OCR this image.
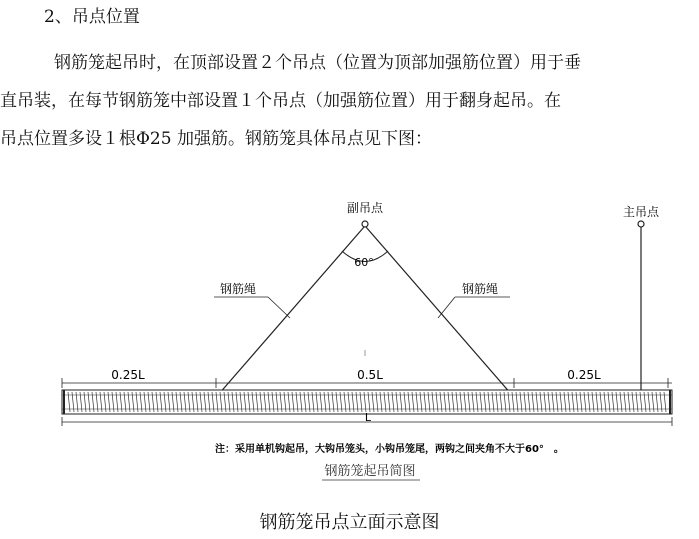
2、吊点位置
钢筋笼起吊时，在顶部设置２个吊点（位置为顶部加强筋位置）用于垂
直吊装，在每节钢筋笼中部设置１个吊点（加强筋位置）用于翻身起吊。在
吊点位置多设１根Φ25 加强筋。钢筋笼具体吊点见下图：
副吊点
60°
钢筋绳	钢筋绳
主吊点
0.25L	0.5L	0.25L
L
注：采用单机钩起吊，大钩吊笼头，小钩吊笼尾，两钩之间夹角不大于60°　。
钢筋笼起吊简图
钢筋笼吊点立面示意图
